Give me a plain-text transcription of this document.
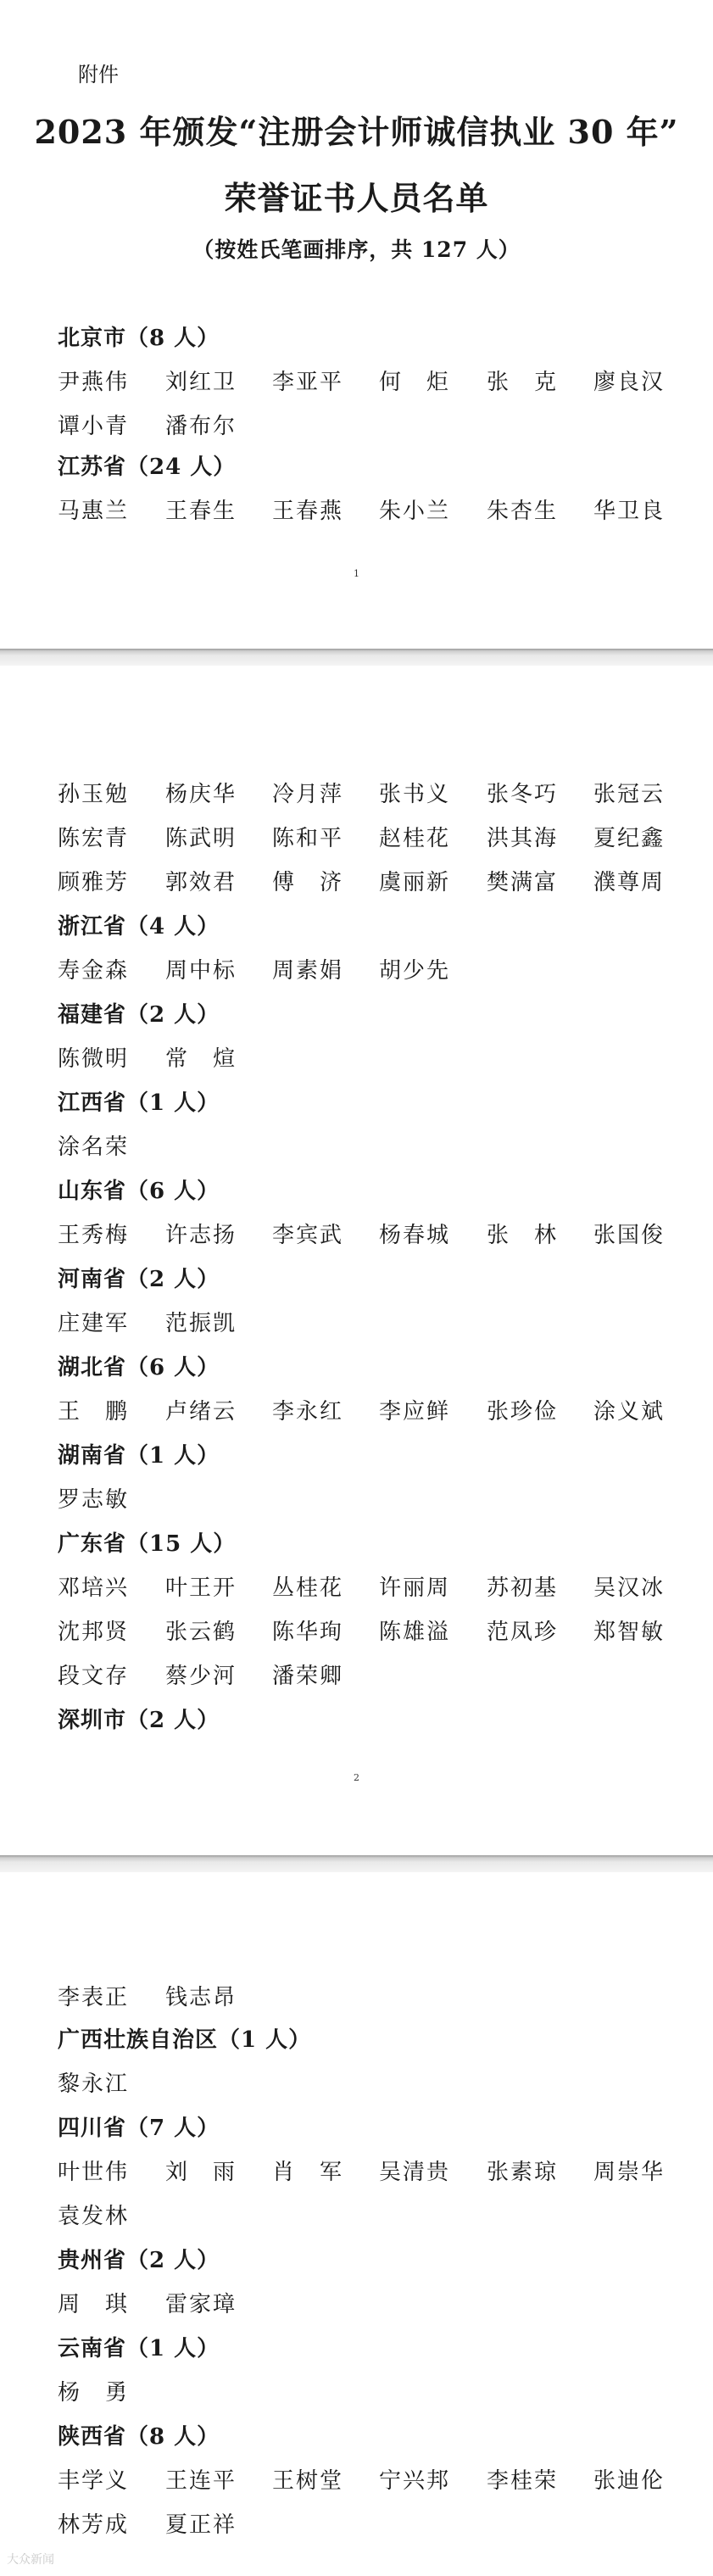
附件
2023 年颁发“注册会计师诚信执业 30 年”
荣誉证书人员名单
（按姓氏笔画排序，共 127 人）
1
2
北京市（8 人）
尹燕伟 刘红卫 李亚平 何　炬 张　克 廖良汉
谭小青 潘布尔
江苏省（24 人）
马惠兰 王春生 王春燕 朱小兰 朱杏生 华卫良
孙玉勉 杨庆华 冷月萍 张书义 张冬巧 张冠云
陈宏青 陈武明 陈和平 赵桂花 洪其海 夏纪鑫
顾雅芳 郭效君 傅　济 虞丽新 樊满富 濮尊周
浙江省（4 人）
寿金森 周中标 周素娟 胡少先
福建省（2 人）
陈微明 常　煊
江西省（1 人）
涂名荣
山东省（6 人）
王秀梅 许志扬 李宾武 杨春城 张　林 张国俊
河南省（2 人）
庄建军 范振凯
湖北省（6 人）
王　鹏 卢绪云 李永红 李应鲜 张珍俭 涂义斌
湖南省（1 人）
罗志敏
广东省（15 人）
邓培兴 叶王开 丛桂花 许丽周 苏初基 吴汉冰
沈邦贤 张云鹤 陈华珣 陈雄溢 范凤珍 郑智敏
段文存 蔡少河 潘荣卿
深圳市（2 人）
李表正 钱志昂
广西壮族自治区（1 人）
黎永江
四川省（7 人）
叶世伟 刘　雨 肖　军 吴清贵 张素琼 周崇华
袁发林
贵州省（2 人）
周　琪 雷家璋
云南省（1 人）
杨　勇
陕西省（8 人）
丰学义 王连平 王树堂 宁兴邦 李桂荣 张迪伦
林芳成 夏正祥
大众新闻
